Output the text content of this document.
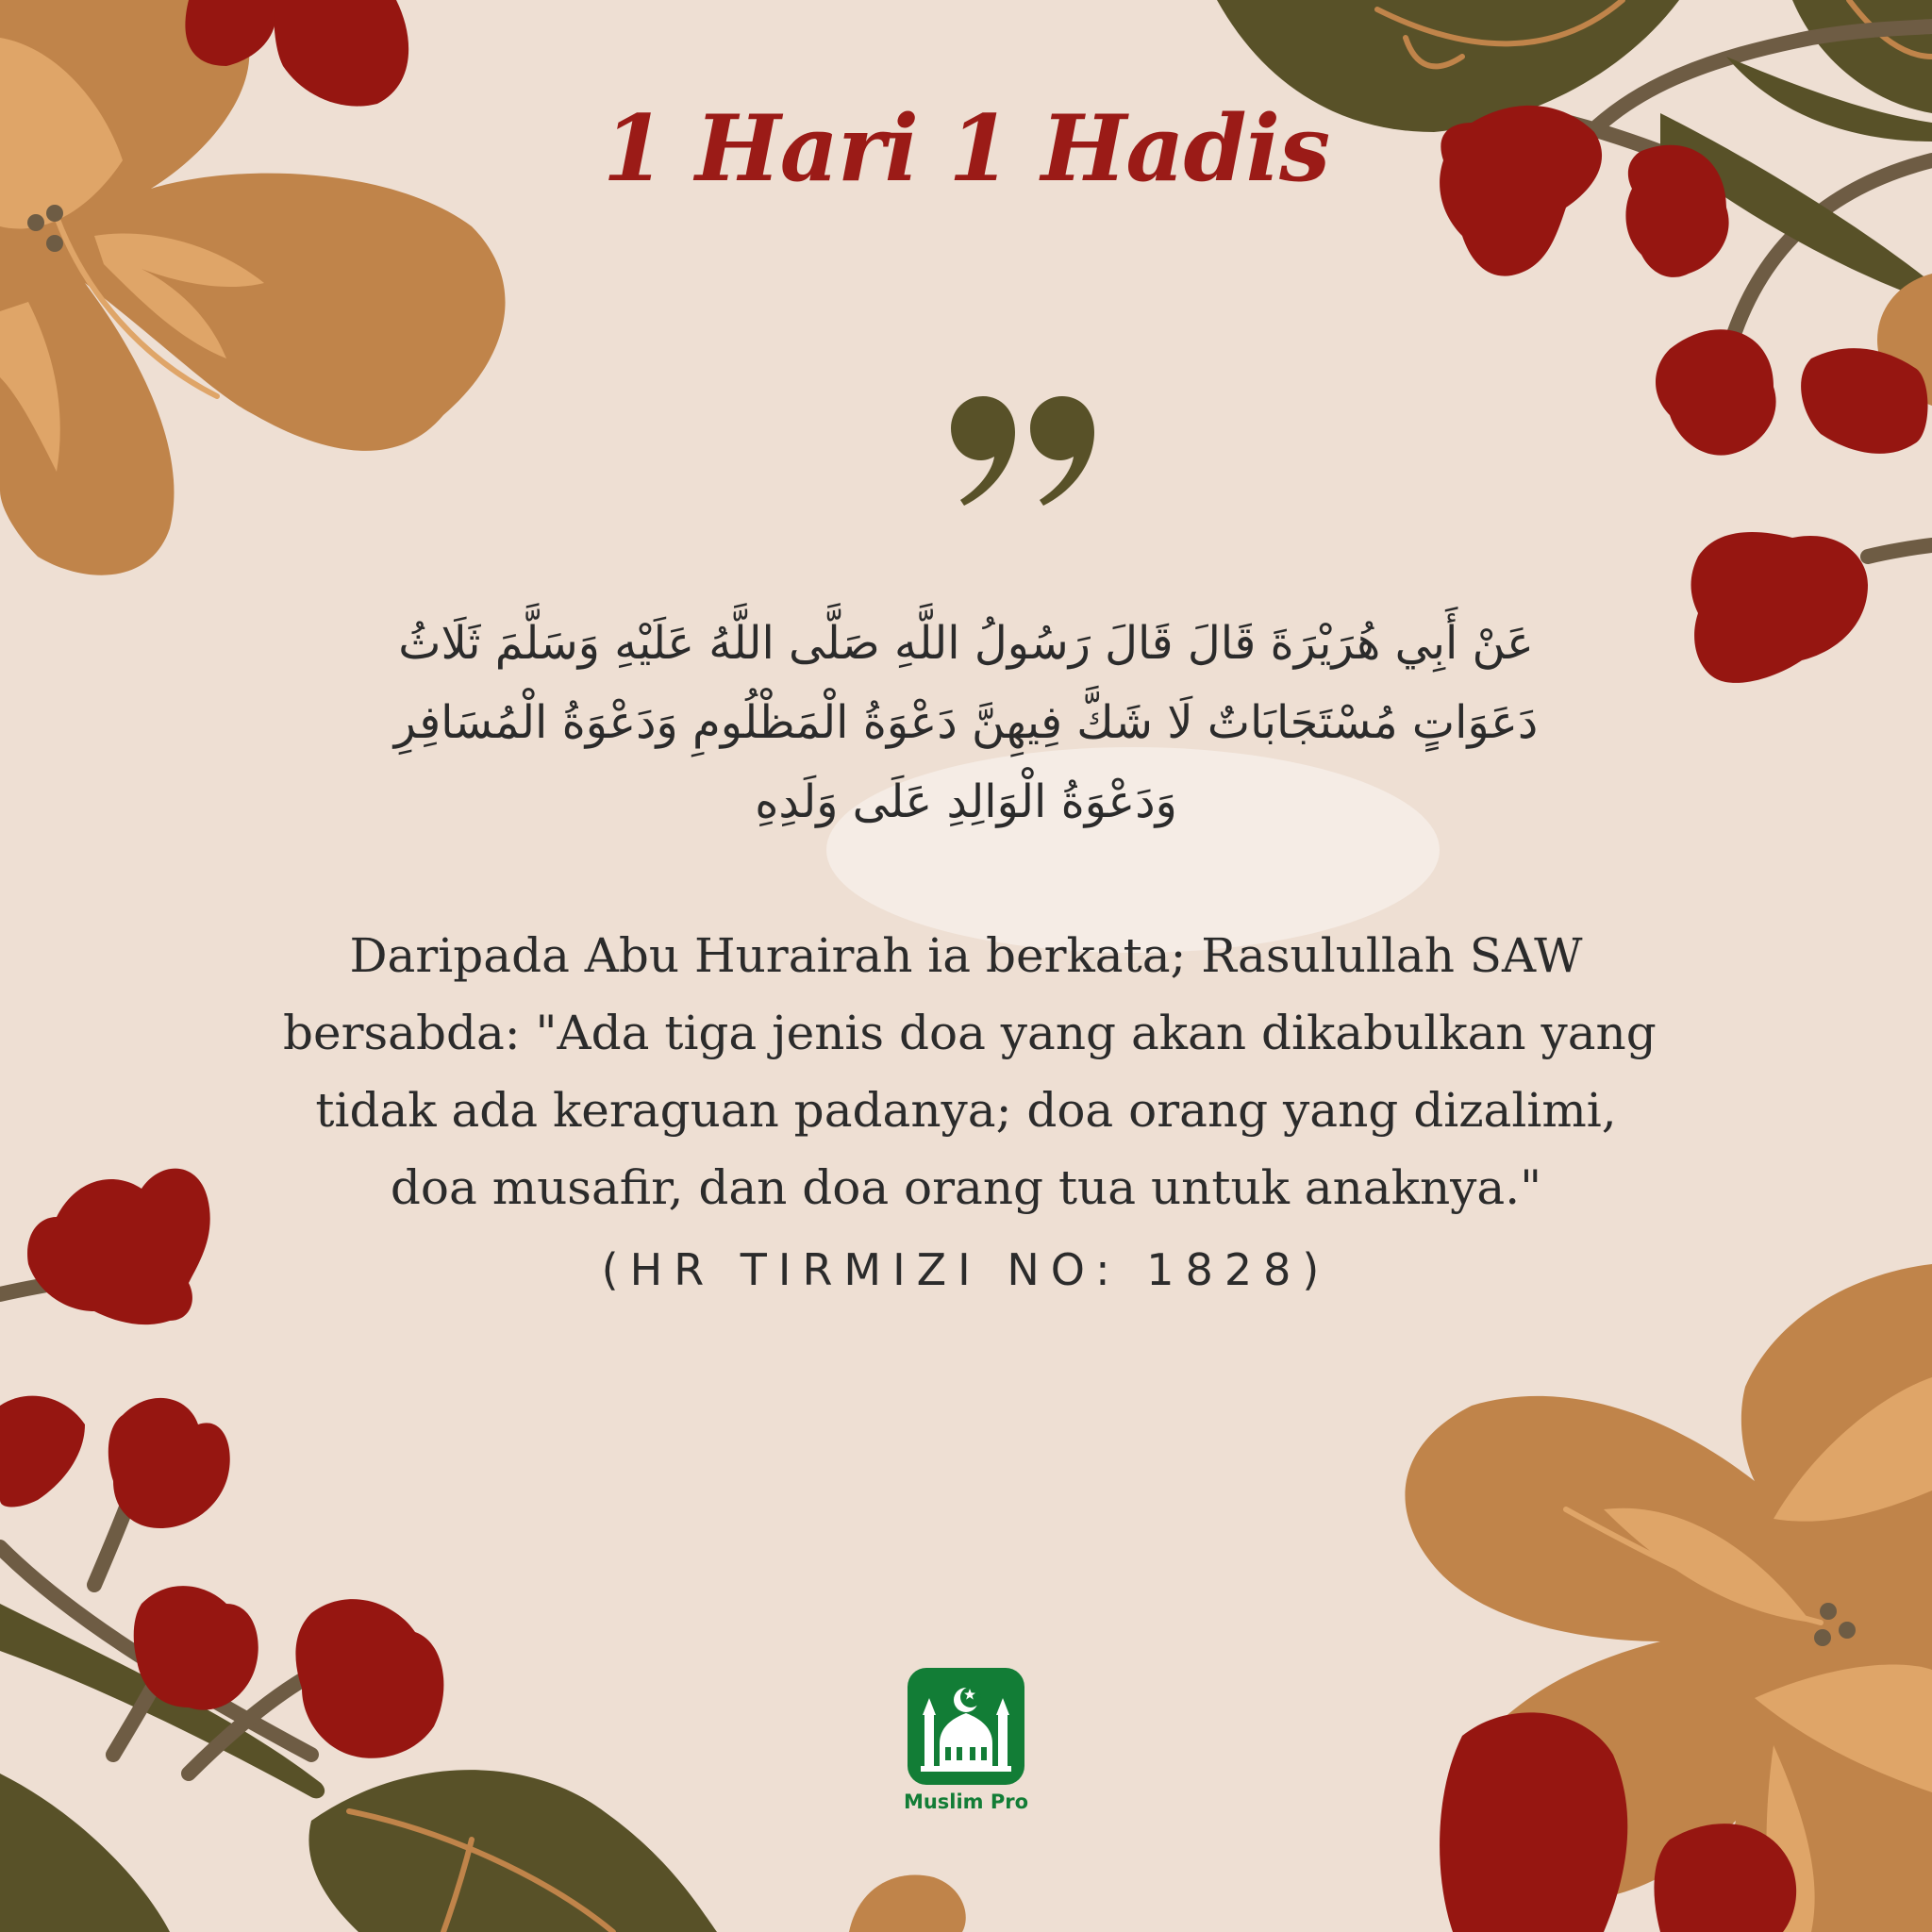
1 Hari 1 Hadis
عَنْ أَبِي هُرَيْرَةَ قَالَ قَالَ رَسُولُ اللَّهِ صَلَّى اللَّهُ عَلَيْهِ وَسَلَّمَ ثَلَاثُ
دَعَوَاتٍ مُسْتَجَابَاتٌ لَا شَكَّ فِيهِنَّ دَعْوَةُ الْمَظْلُومِ وَدَعْوَةُ الْمُسَافِرِ
وَدَعْوَةُ الْوَالِدِ عَلَى وَلَدِهِ
Daripada Abu Hurairah ia berkata; Rasulullah SAW
bersabda: "Ada tiga jenis doa yang akan dikabulkan yang
tidak ada keraguan padanya; doa orang yang dizalimi,
doa musafir, dan doa orang tua untuk anaknya."
(HR TIRMIZI NO: 1828)
Muslim Pro
